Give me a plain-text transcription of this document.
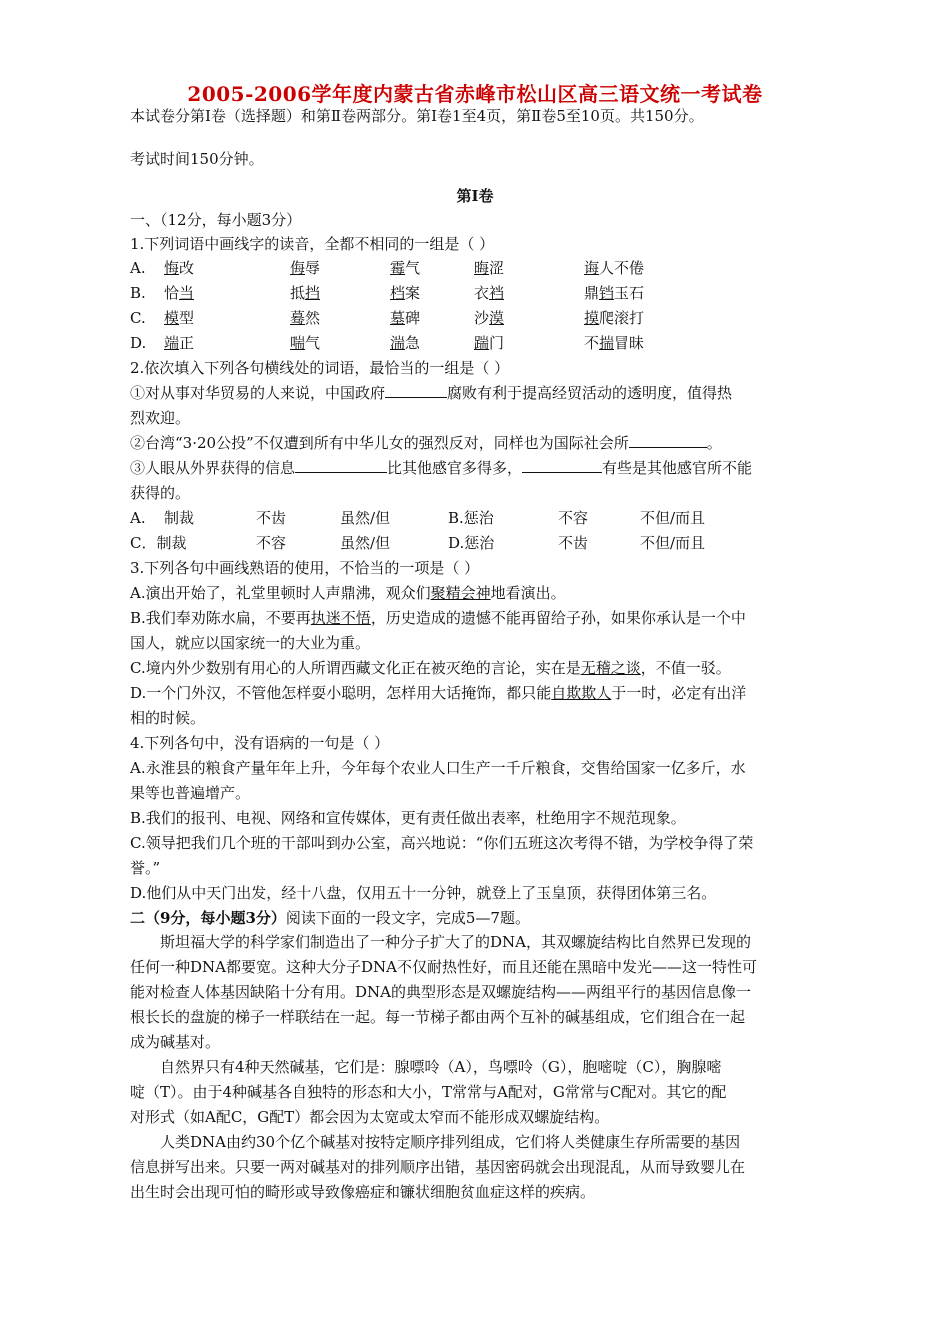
2005-2006学年度内蒙古省赤峰市松山区高三语文统一考试卷
本试卷分第Ⅰ卷（选择题）和第Ⅱ卷两部分。第Ⅰ卷1至4页，第Ⅱ卷5至10页。共150分。
考试时间150分钟。
第Ⅰ卷
一、（12分，每小题3分）
1.下列词语中画线字的读音，全都不相同的一组是（ ）
A. 悔改	侮辱	霉气	晦涩	诲人不倦
B. 恰当	抵挡	档案	衣裆	鼎铛玉石
C. 模型	蓦然	墓碑	沙漠	摸爬滚打
D. 端正	喘气	湍急	踹门	不揣冒昧
2.依次填入下列各句横线处的词语，最恰当的一组是（ ）
①对从事对华贸易的人来说，中国政府	腐败有利于提高经贸活动的透明度，值得热
烈欢迎。
②台湾“3·20公投”不仅遭到所有中华儿女的强烈反对，同样也为国际社会所	。
③人眼从外界获得的信息	比其他感官多得多，	有些是其他感官所不能
获得的。
A. 制裁	不齿	虽然/但	B.惩治	不容	不但/而且
C．制裁	不容	虽然/但	D.惩治	不齿	不但/而且
3.下列各句中画线熟语的使用，不恰当的一项是（ ）
A.演出开始了，礼堂里顿时人声鼎沸，观众们聚精会神地看演出。
B.我们奉劝陈水扁，不要再执迷不悟，历史造成的遗憾不能再留给子孙，如果你承认是一个中
国人，就应以国家统一的大业为重。
C.境内外少数别有用心的人所谓西藏文化正在被灭绝的言论，实在是无稽之谈，不值一驳。
D.一个门外汉，不管他怎样耍小聪明，怎样用大话掩饰，都只能自欺欺人于一时，必定有出洋
相的时候。
4.下列各句中，没有语病的一句是（ ）
A.永淮县的粮食产量年年上升，今年每个农业人口生产一千斤粮食，交售给国家一亿多斤，水
果等也普遍增产。
B.我们的报刊、电视、网络和宣传媒体，更有责任做出表率，杜绝用字不规范现象。
C.领导把我们几个班的干部叫到办公室，高兴地说：“你们五班这次考得不错，为学校争得了荣
誉。”
D.他们从中天门出发，经十八盘，仅用五十一分钟，就登上了玉皇顶，获得团体第三名。
二（9分，每小题3分）阅读下面的一段文字，完成5—7题。
　　斯坦福大学的科学家们制造出了一种分子扩大了的DNA，其双螺旋结构比自然界已发现的
任何一种DNA都要宽。这种大分子DNA不仅耐热性好，而且还能在黑暗中发光——这一特性可
能对检查人体基因缺陷十分有用。DNA的典型形态是双螺旋结构——两组平行的基因信息像一
根长长的盘旋的梯子一样联结在一起。每一节梯子都由两个互补的碱基组成，它们组合在一起
成为碱基对。
　　自然界只有4种天然碱基，它们是：腺嘌呤（A），鸟嘌呤（G），胞嘧啶（C），胸腺嘧
啶（T）。由于4种碱基各自独特的形态和大小，T常常与A配对，G常常与C配对。其它的配
对形式（如A配C，G配T）都会因为太宽或太窄而不能形成双螺旋结构。
　　人类DNA由约30个亿个碱基对按特定顺序排列组成，它们将人类健康生存所需要的基因
信息拼写出来。只要一两对碱基对的排列顺序出错，基因密码就会出现混乱，从而导致婴儿在
出生时会出现可怕的畸形或导致像癌症和镰状细胞贫血症这样的疾病。
